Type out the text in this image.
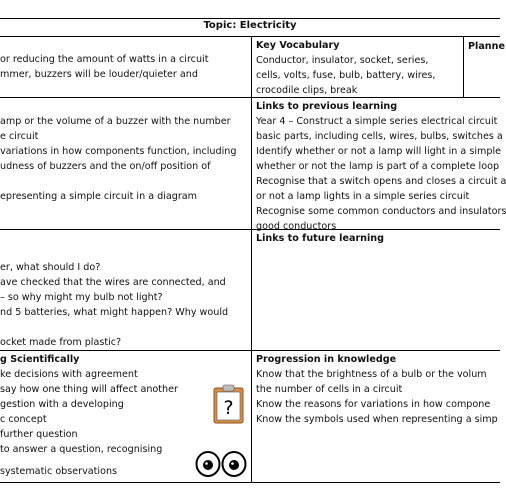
Topic: Electricity
or reducing the amount of watts in a circuit
mmer, buzzers will be louder/quieter and
Key Vocabulary
Conductor, insulator, socket, series,
cells, volts, fuse, bulb, battery, wires,
crocodile clips, break
Planne
amp or the volume of a buzzer with the number
e circuit
variations in how components function, including
udness of buzzers and the on/off position of
epresenting a simple circuit in a diagram
Links to previous learning
Year 4 – Construct a simple series electrical circuit
basic parts, including cells, wires, bulbs, switches a
Identify whether or not a lamp will light in a simple
whether or not the lamp is part of a complete loop
Recognise that a switch opens and closes a circuit a
or not a lamp lights in a simple series circuit
Recognise some common conductors and insulators
good conductors
er, what should I do?
ave checked that the wires are connected, and
– so why might my bulb not light?
nd 5 batteries, what might happen? Why would
ocket made from plastic?
Links to future learning
g Scientifically
ke decisions with agreement
say how one thing will affect another
gestion with a developing
c concept
further question
to answer a question, recognising
systematic observations
?
Progression in knowledge
Know that the brightness of a bulb or the volum
the number of cells in a circuit
Know the reasons for variations in how compone
Know the symbols used when representing a simp
